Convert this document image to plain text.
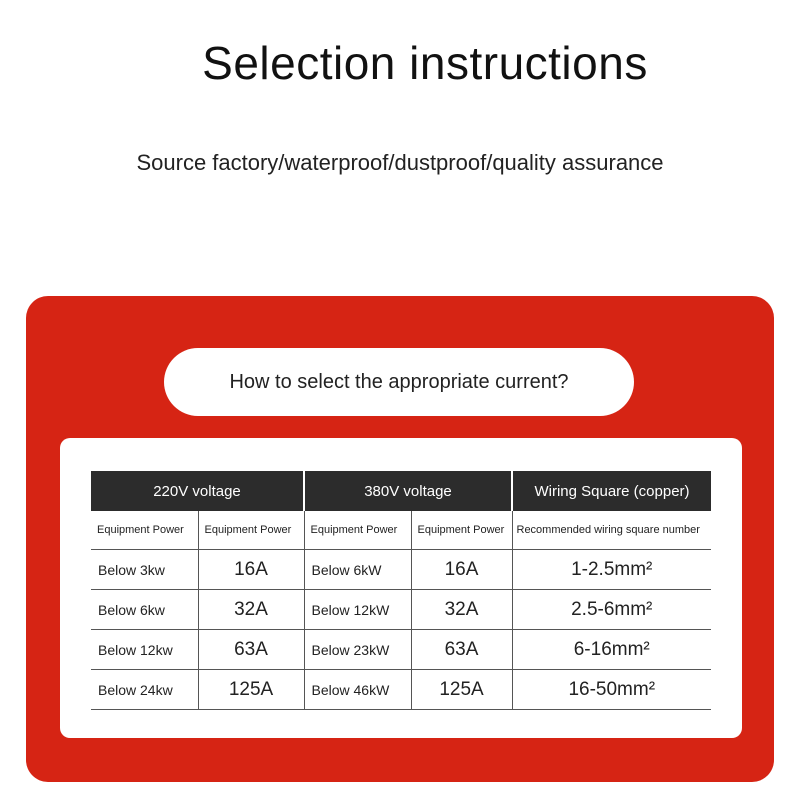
Selection instructions
Source factory/waterproof/dustproof/quality assurance
How to select the appropriate current?
220V voltage		380V voltage		Wiring Square (copper)
Equipment Power	Equipment Power	Equipment Power	Equipment Power	Recommended wiring square number
Below 3kw	16A	Below 6kW	16A	1-2.5mm²
Below 6kw	32A	Below 12kW	32A	2.5-6mm²
Below 12kw	63A	Below 23kW	63A	6-16mm²
Below 24kw	125A	Below 46kW	125A	16-50mm²
